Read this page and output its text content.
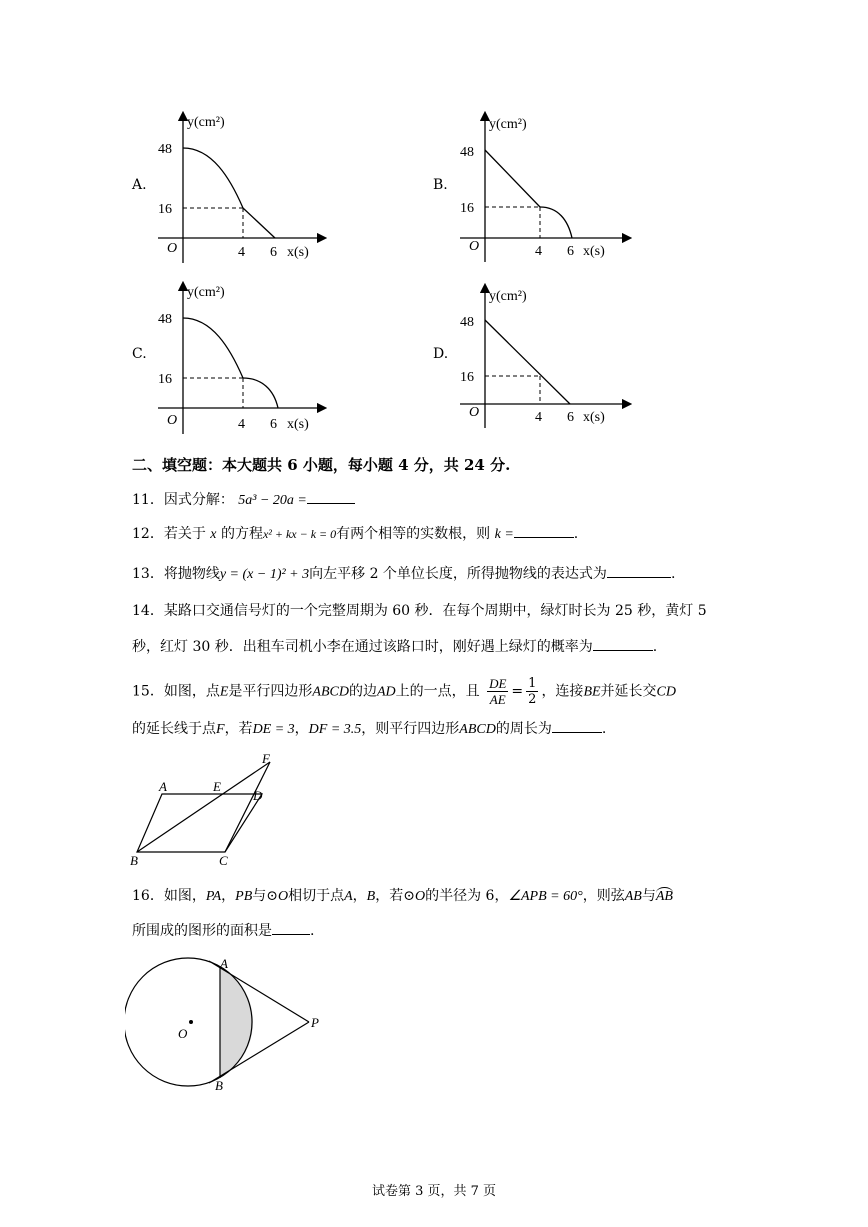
A.	B.
C.	D.
y(cm²)
48
16
O	4 6 x(s)
y(cm²)
48
16
O	4 6 x(s)
y(cm²)
48
16
O	4 6 x(s)
y(cm²)
48
16
O	4 6 x(s)
二、填空题：本大题共 6 小题，每小题 4 分，共 24 分.
11．因式分解： 5a³ − 20a =
12．若关于 x 的方程x² + kx − k = 0有两个相等的实数根，则 k =	.
13．将抛物线y = (x − 1)² + 3向左平移 2 个单位长度，所得抛物线的表达式为	.
14．某路口交通信号灯的一个完整周期为 60 秒．在每个周期中，绿灯时长为 25 秒，黄灯 5
秒，红灯 30 秒．出租车司机小李在通过该路口时，刚好遇上绿灯的概率为	.
15．如图，点E是平行四边形ABCD的边AD上的一点，且 $\frac{DE}{AE} = \frac{1}{2}$ ，连接BE并延长交CD
的延长线于点F，若DE = 3，DF = 3.5，则平行四边形ABCD的周长为	.
A	E
D
F
B	C
16．如图，PA，PB与⊙O相切于点A，B，若⊙O的半径为 6，∠APB = 60°，则弦AB与AB
所围成的图形的面积是	.
A
B
O
P
试卷第 3 页，共 7 页
